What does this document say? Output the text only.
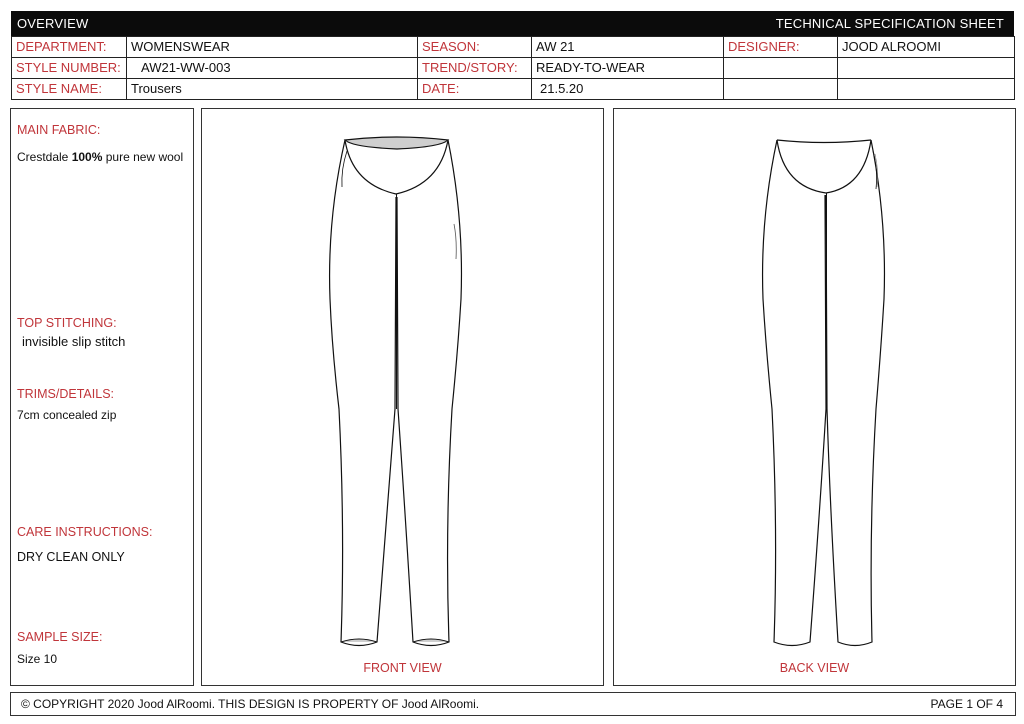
OVERVIEW	TECHNICAL SPECIFICATION SHEET
DEPARTMENT:	WOMENSWEAR	SEASON:	AW 21	DESIGNER:	JOOD ALROOMI
STYLE NUMBER:	AW21-WW-003	TREND/STORY:	READY-TO-WEAR		
STYLE NAME:	Trousers	DATE:	21.5.20		
MAIN FABRIC:
Crestdale 100% pure new wool
TOP STITCHING:
invisible slip stitch
TRIMS/DETAILS:
7cm concealed zip
CARE INSTRUCTIONS:
DRY CLEAN ONLY
SAMPLE SIZE:
Size 10
FRONT VIEW	BACK VIEW
© COPYRIGHT 2020 Jood AlRoomi. THIS DESIGN IS PROPERTY OF Jood AlRoomi.	PAGE 1 OF 4
